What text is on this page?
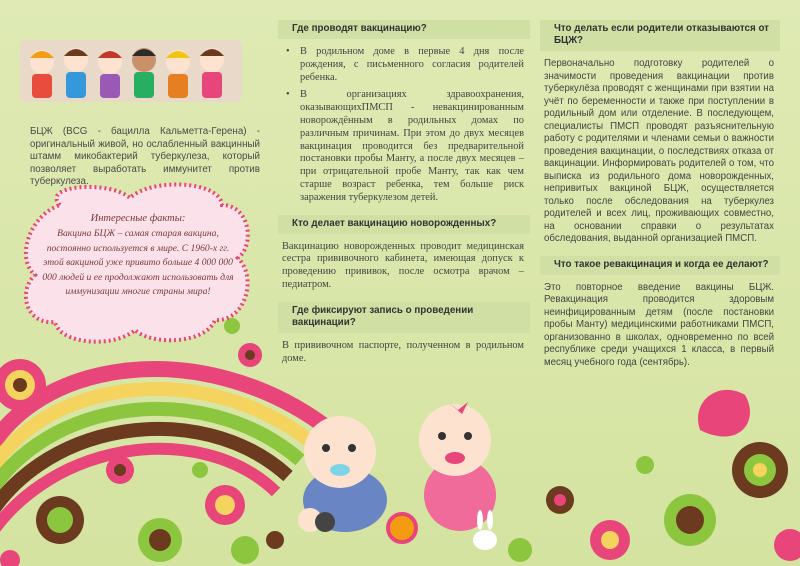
БЦЖ (BCG - бацилла Кальметта-Герена) - оригинальный живой, но ослабленный вакцинный штамм микобактерий туберкулеза, который позволяет выработать иммунитет против туберкулеза.

Интересные факты:
Вакцина БЦЖ – самая старая вакцина, постоянно используется в мире. С 1960-х гг. этой вакциной уже привито больше 4 000 000 000 людей и ее продолжают использовать для иммунизации многие страны мира!
Где проводят вакцинацию?
• В родильном доме в первые 4 дня после рождения, с письменного согласия родителей ребенка.
• В организациях здравоохранения, оказывающихПМСП - невакцинированным новорождённым в родильных домах по различным причинам. При этом до двух месяцев вакцинация проводится без предварительной постановки пробы Манту, а после двух месяцев – при отрицательной пробе Манту, так как чем старше возраст ребенка, тем больше риск заражения туберкулезом детей.
Кто делает вакцинацию новорожденных?

Вакцинацию новорожденных проводит медицинская сестра прививочного кабинета, имеющая допуск к проведению прививок, после осмотра врачом – педиатром.

Где фиксируют запись о проведении вакцинации?

В прививочном паспорте, полученном в родильном доме.

Что делать если родители отказываются от БЦЖ?

Первоначально подготовку родителей о значимости проведения вакцинации против туберкулёза проводят с женщинами при взятии на учёт по беременности и также при поступлении в родильный дом или отделение. В последующем, специалисты ПМСП проводят разъяснительную работу с родителями и членами семьи о важности проведения вакцинации, о последствиях отказа от вакцинации. Информировать родителей о том, что выписка из родильного дома новорожденных, непривитых вакциной БЦЖ, осуществляется только после обследования на туберкулез родителей и всех лиц, проживающих совместно, на основании справки о результатах обследования, выданной организацией ПМСП.

Что такое ревакцинация и когда ее делают?

Это повторное введение вакцины БЦЖ. Ревакцинация проводится здоровым неинфицированным детям (после постановки пробы Манту) медицинскими работниками ПМСП, организованно в школах, одновременно по всей республике среди учащихся 1 класса, в первый месяц учебного года (сентябрь).
